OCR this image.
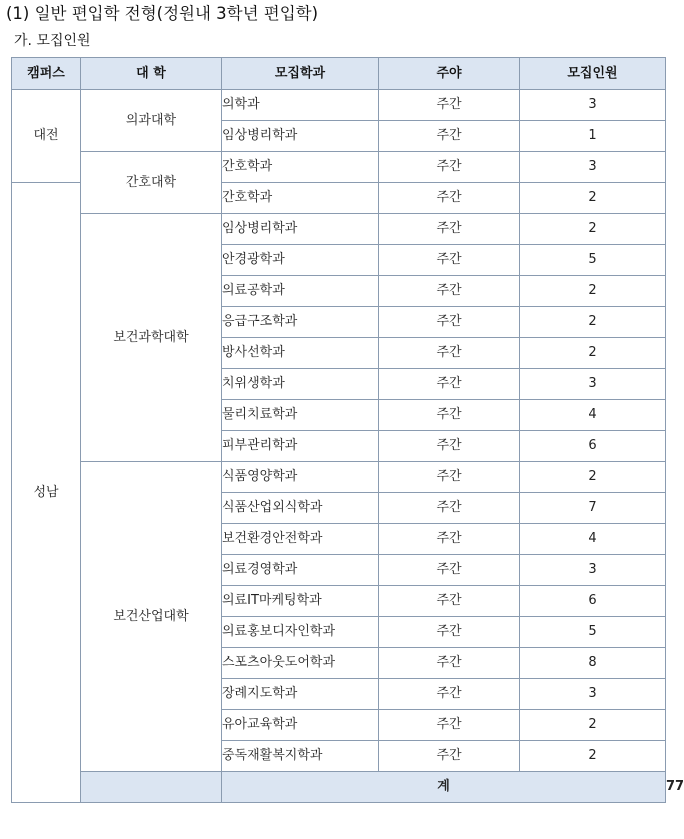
(1) 일반 편입학 전형(정원내 3학년 편입학)
가. 모집인원
캠퍼스	대 학	모집학과	주야	모집인원	
대전	의과대학	의학과	주간	3	
		임상병리학과	주간	1	
	간호대학	간호학과	주간	3	
성남		간호학과	주간	2	
	보건과학대학	임상병리학과	주간	2	
		안경광학과	주간	5	
		의료공학과	주간	2	
		응급구조학과	주간	2	
		방사선학과	주간	2	
		치위생학과	주간	3	
		물리치료학과	주간	4	
		피부관리학과	주간	6	
	보건산업대학	식품영양학과	주간	2	
		식품산업외식학과	주간	7	
		보건환경안전학과	주간	4	
		의료경영학과	주간	3	
		의료IT마케팅학과	주간	6	
		의료홍보디자인학과	주간	5	
		스포츠아웃도어학과	주간	8	
		장례지도학과	주간	3	
		유아교육학과	주간	2	
		중독재활복지학과	주간	2	
		계			77
